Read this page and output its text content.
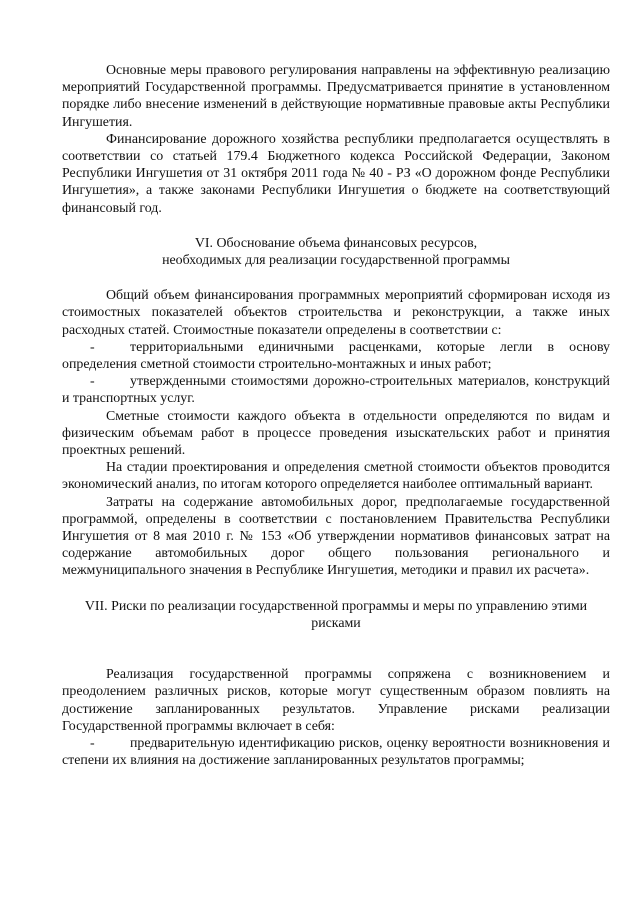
Основные меры правового регулирования направлены на эффективную реализацию мероприятий Государственной программы. Предусматривается принятие в установленном порядке либо внесение изменений в действующие нормативные правовые акты Республики Ингушетия.

Финансирование дорожного хозяйства республики предполагается осуществлять в соответствии со статьей 179.4 Бюджетного кодекса Российской Федерации, Законом Республики Ингушетия от 31 октября 2011 года № 40 - РЗ «О дорожном фонде Республики Ингушетия», а также законами Республики Ингушетия о бюджете на соответствующий финансовый год.

VI. Обоснование объема финансовых ресурсов,

необходимых для реализации государственной программы

Общий объем финансирования программных мероприятий сформирован исходя из стоимостных показателей объектов строительства и реконструкции, а также иных расходных статей. Стоимостные показатели определены в соответствии с:

-	территориальными единичными расценками, которые легли в основу определения сметной стоимости строительно-монтажных и иных работ;

-	утвержденными стоимостями дорожно-строительных материалов, конструкций и транспортных услуг.

Сметные стоимости каждого объекта в отдельности определяются по видам и физическим объемам работ в процессе проведения изыскательских работ и принятия проектных решений.

На стадии проектирования и определения сметной стоимости объектов проводится экономический анализ, по итогам которого определяется наиболее оптимальный вариант.

Затраты на содержание автомобильных дорог, предполагаемые государственной программой, определены в соответствии с постановлением Правительства Республики Ингушетия от 8 мая 2010 г. № 153 «Об утверждении нормативов финансовых затрат на содержание автомобильных дорог общего пользования регионального и межмуниципального значения в Республике Ингушетия, методики и правил их расчета».

VII. Риски по реализации государственной программы и меры по управлению этими рисками

Реализация государственной программы сопряжена с возникновением и преодолением различных рисков, которые могут существенным образом повлиять на достижение запланированных результатов. Управление рисками реализации Государственной программы включает в себя:

-	предварительную идентификацию рисков, оценку вероятности возникновения и степени их влияния на достижение запланированных результатов программы;
